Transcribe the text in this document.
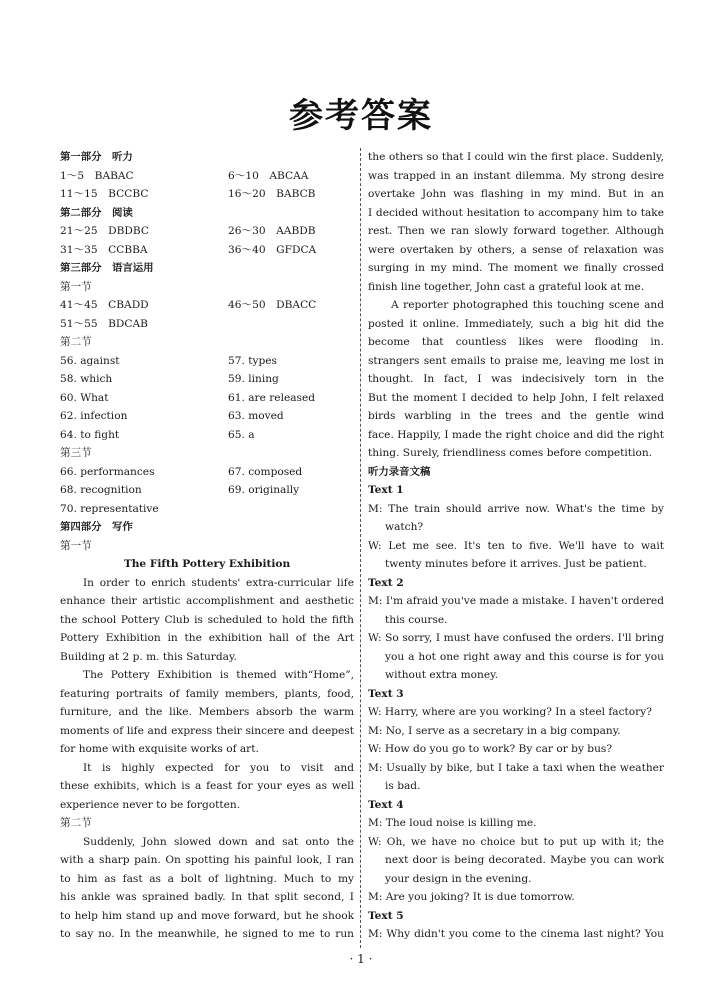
参考答案
第一部分　听力
1～5　BABAC	6～10　ABCAA
11～15　BCCBC	16～20　BABCB
第二部分　阅读
21～25　DBDBC	26～30　AABDB
31～35　CCBBA	36～40　GFDCA
第三部分　语言运用
第一节
41～45　CBADD	46～50　DBACC
51～55　BDCAB
第二节
56. against	57. types
58. which	59. lining
60. What	61. are released
62. infection	63. moved
64. to fight	65. a
第三节
66. performances	67. composed
68. recognition	69. originally
70. representative
第四部分　写作
第一节
The Fifth Pottery Exhibition
In order to enrich students' extra-curricular life
enhance their artistic accomplishment and aesthetic
the school Pottery Club is scheduled to hold the fifth
Pottery Exhibition in the exhibition hall of the Art
Building at 2 p. m. this Saturday.
The Pottery Exhibition is themed with“Home”,
featuring portraits of family members, plants, food,
furniture, and the like. Members absorb the warm
moments of life and express their sincere and deepest
for home with exquisite works of art.
It is highly expected for you to visit and
these exhibits, which is a feast for your eyes as well
experience never to be forgotten.
第二节
Suddenly, John slowed down and sat onto the
with a sharp pain. On spotting his painful look, I ran
to him as fast as a bolt of lightning. Much to my
his ankle was sprained badly. In that split second, I
to help him stand up and move forward, but he shook
to say no. In the meanwhile, he signed to me to run
the others so that I could win the first place. Suddenly,
was trapped in an instant dilemma. My strong desire
overtake John was flashing in my mind. But in an
I decided without hesitation to accompany him to take
rest. Then we ran slowly forward together. Although
were overtaken by others, a sense of relaxation was
surging in my mind. The moment we finally crossed
finish line together, John cast a grateful look at me.
A reporter photographed this touching scene and
posted it online. Immediately, such a big hit did the
become that countless likes were flooding in.
strangers sent emails to praise me, leaving me lost in
thought. In fact, I was indecisively torn in the
But the moment I decided to help John, I felt relaxed
birds warbling in the trees and the gentle wind
face. Happily, I made the right choice and did the right
thing. Surely, friendliness comes before competition.
听力录音文稿
Text 1
M: The train should arrive now. What's the time by
watch?
W: Let me see. It's ten to five. We'll have to wait
twenty minutes before it arrives. Just be patient.
Text 2
M: I'm afraid you've made a mistake. I haven't ordered
this course.
W: So sorry, I must have confused the orders. I'll bring
you a hot one right away and this course is for you
without extra money.
Text 3
W: Harry, where are you working? In a steel factory?
M: No, I serve as a secretary in a big company.
W: How do you go to work? By car or by bus?
M: Usually by bike, but I take a taxi when the weather
is bad.
Text 4
M: The loud noise is killing me.
W: Oh, we have no choice but to put up with it; the
next door is being decorated. Maybe you can work
your design in the evening.
M: Are you joking? It is due tomorrow.
Text 5
M: Why didn't you come to the cinema last night? You
· 1 ·
